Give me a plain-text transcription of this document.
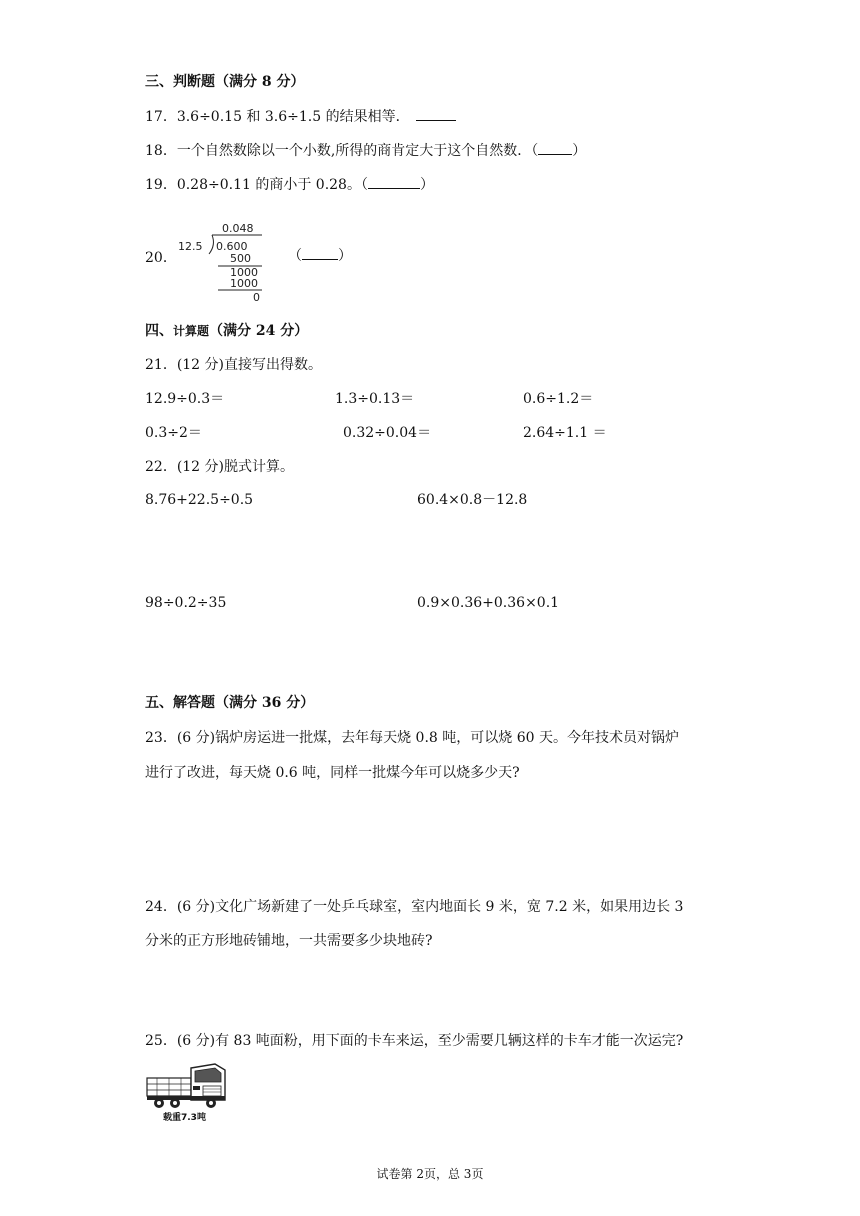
三、判断题（满分 8 分）
17．3.6÷0.15 和 3.6÷1.5 的结果相等．
18．一个自然数除以一个小数,所得的商肯定大于这个自然数．（ ）
19．0.28÷0.11 的商小于 0.28。（	）
20．
0.048
12.5 0.600
500
1000
1000
0
（	）
四、计算题（满分 24 分）
21．(12 分)直接写出得数。
12.9÷0.3＝	1.3÷0.13＝	0.6÷1.2＝
0.3÷2＝	0.32÷0.04＝	2.64÷1.1 ＝
22．(12 分)脱式计算。
8.76+22.5÷0.5	60.4×0.8－12.8
98÷0.2÷35	0.9×0.36+0.36×0.1
五、解答题（满分 36 分）
23．(6 分)锅炉房运进一批煤，去年每天烧 0.8 吨，可以烧 60 天。今年技术员对锅炉
进行了改进，每天烧 0.6 吨，同样一批煤今年可以烧多少天?
24．(6 分)文化广场新建了一处乒乓球室，室内地面长 9 米，宽 7.2 米，如果用边长 3
分米的正方形地砖铺地，一共需要多少块地砖?
25．(6 分)有 83 吨面粉，用下面的卡车来运，至少需要几辆这样的卡车才能一次运完?
载重7.3吨
试卷第 2页，总 3页
